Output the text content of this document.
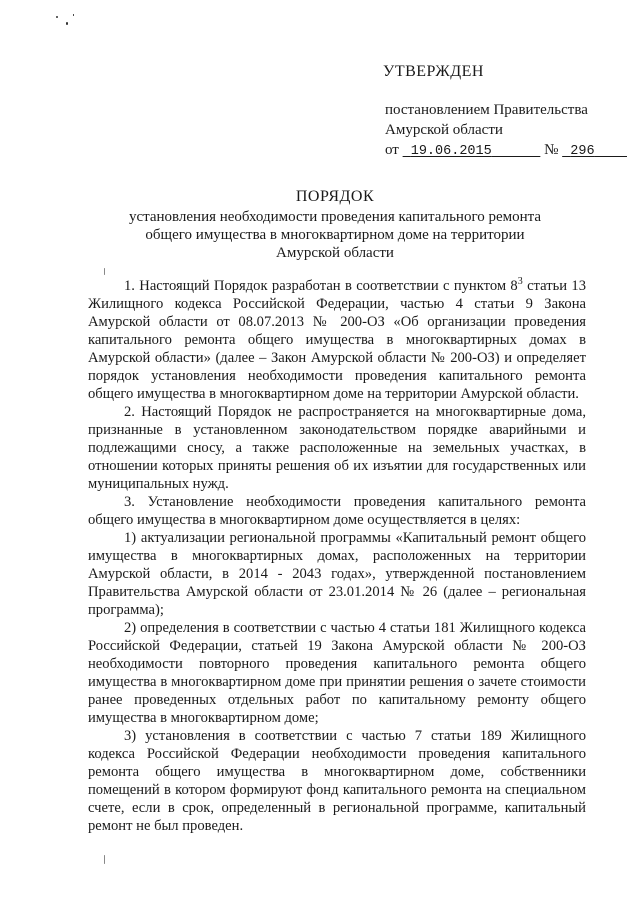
УТВЕРЖДЕН
постановлением Правительства
Амурской области
от 19.06.2015	№ 296
ПОРЯДОК
установления необходимости проведения капитального ремонта
общего имущества в многоквартирном доме на территории
Амурской области

1. Настоящий Порядок разработан в соответствии с пунктом $8^3$ статьи 13 Жилищного кодекса Российской Федерации, частью 4 статьи 9 Закона Амурской области от 08.07.2013 № 200-ОЗ «Об организации проведения капитального ремонта общего имущества в многоквартирных домах в Амурской области» (далее – Закон Амурской области № 200-ОЗ) и определяет порядок установления необходимости проведения капитального ремонта общего имущества в многоквартирном доме на территории Амурской области.

2. Настоящий Порядок не распространяется на многоквартирные дома, признанные в установленном законодательством порядке аварийными и подлежащими сносу, а также расположенные на земельных участках, в отношении которых приняты решения об их изъятии для государственных или муниципальных нужд.

3. Установление необходимости проведения капитального ремонта общего имущества в многоквартирном доме осуществляется в целях:

1) актуализации региональной программы «Капитальный ремонт общего имущества в многоквартирных домах, расположенных на территории Амурской области, в 2014 - 2043 годах», утвержденной постановлением Правительства Амурской области от 23.01.2014 № 26 (далее – региональная программа);

2) определения в соответствии с частью 4 статьи 181 Жилищного кодекса Российской Федерации, статьей 19 Закона Амурской области № 200-ОЗ необходимости повторного проведения капитального ремонта общего имущества в многоквартирном доме при принятии решения о зачете стоимости ранее проведенных отдельных работ по капитальному ремонту общего имущества в многоквартирном доме;

3) установления в соответствии с частью 7 статьи 189 Жилищного кодекса Российской Федерации необходимости проведения капитального ремонта общего имущества в многоквартирном доме, собственники помещений в котором формируют фонд капитального ремонта на специальном счете, если в срок, определенный в региональной программе, капитальный ремонт не был проведен.
